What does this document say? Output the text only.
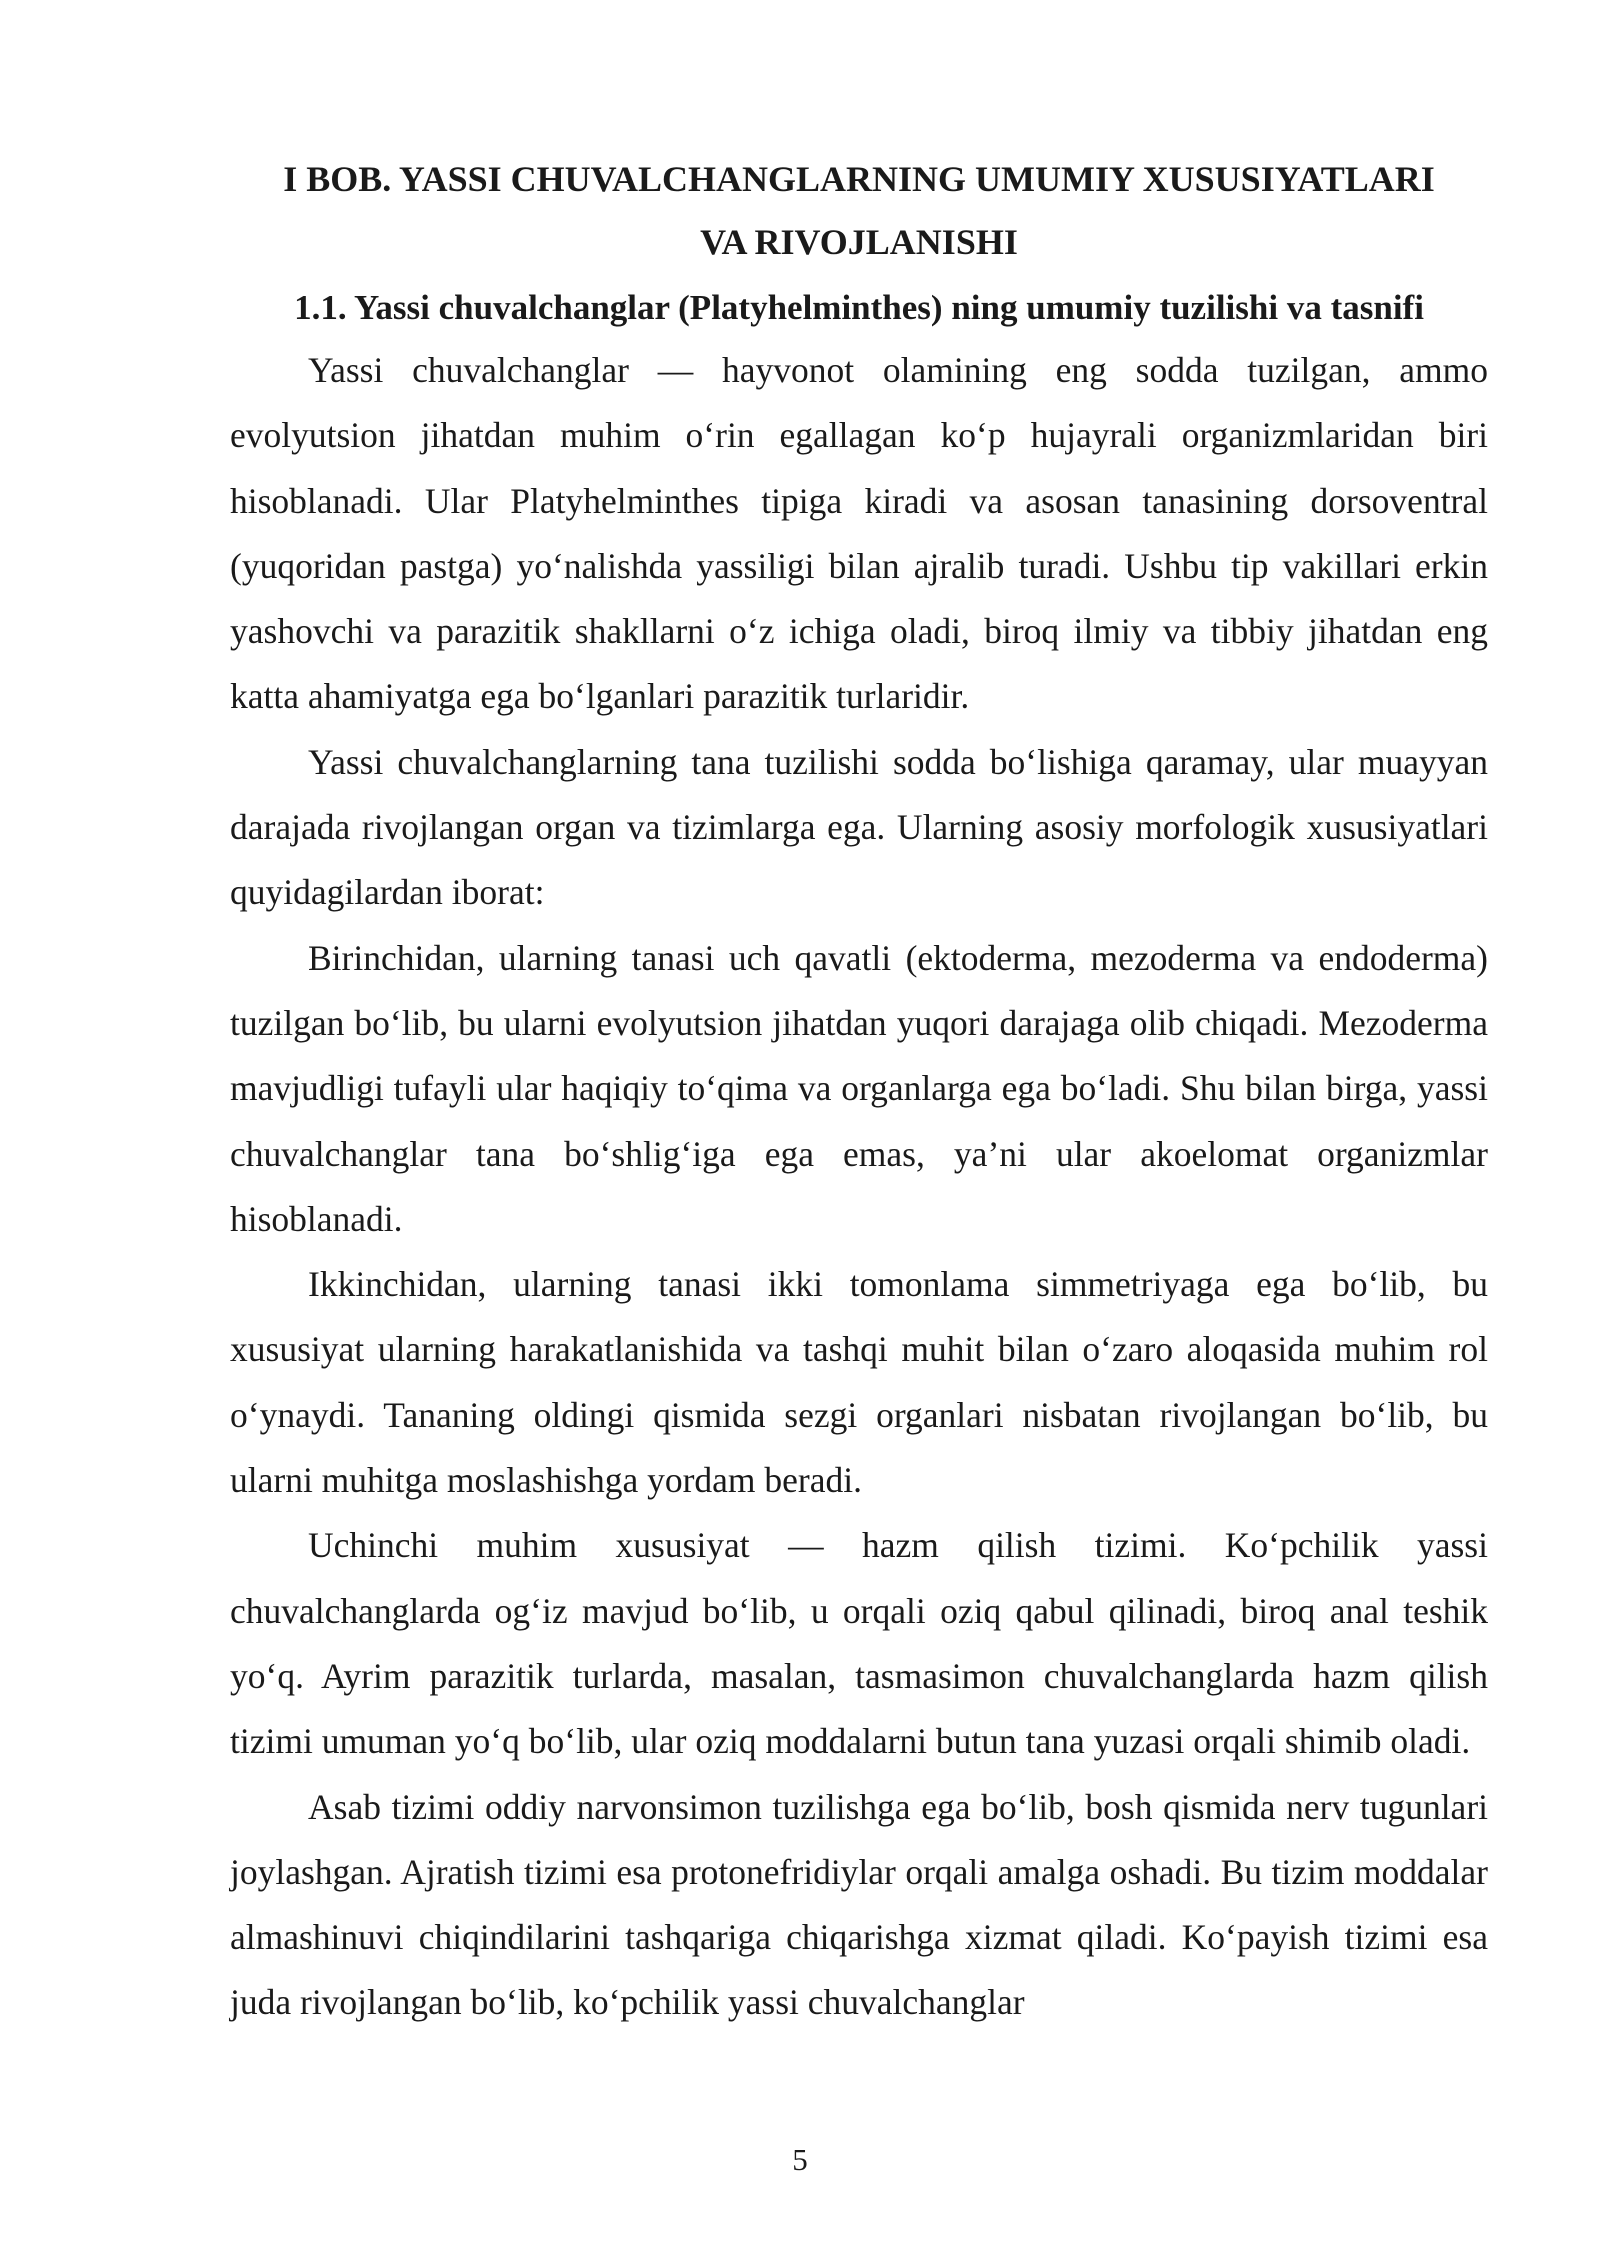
I BOB. YASSI CHUVALCHANGLARNING UMUMIY XUSUSIYATLARI
VA RIVOJLANISHI
1.1. Yassi chuvalchanglar (Platyhelminthes) ning umumiy tuzilishi va tasnifi

Yassi chuvalchanglar — hayvonot olamining eng sodda tuzilgan, ammo evolyutsion jihatdan muhim o‘rin egallagan ko‘p hujayrali organizmlaridan biri hisoblanadi. Ular Platyhelminthes tipiga kiradi va asosan tanasining dorsoventral (yuqoridan pastga) yo‘nalishda yassiligi bilan ajralib turadi. Ushbu tip vakillari erkin yashovchi va parazitik shakllarni o‘z ichiga oladi, biroq ilmiy va tibbiy jihatdan eng katta ahamiyatga ega bo‘lganlari parazitik turlaridir.

Yassi chuvalchanglarning tana tuzilishi sodda bo‘lishiga qaramay, ular muayyan darajada rivojlangan organ va tizimlarga ega. Ularning asosiy morfologik xususiyatlari quyidagilardan iborat:

Birinchidan, ularning tanasi uch qavatli (ektoderma, mezoderma va endoderma) tuzilgan bo‘lib, bu ularni evolyutsion jihatdan yuqori darajaga olib chiqadi. Mezoderma mavjudligi tufayli ular haqiqiy to‘qima va organlarga ega bo‘ladi. Shu bilan birga, yassi chuvalchanglar tana bo‘shlig‘iga ega emas, ya’ni ular akoelomat organizmlar hisoblanadi.

Ikkinchidan, ularning tanasi ikki tomonlama simmetriyaga ega bo‘lib, bu xususiyat ularning harakatlanishida va tashqi muhit bilan o‘zaro aloqasida muhim rol o‘ynaydi. Tananing oldingi qismida sezgi organlari nisbatan rivojlangan bo‘lib, bu ularni muhitga moslashishga yordam beradi.

Uchinchi muhim xususiyat — hazm qilish tizimi. Ko‘pchilik yassi chuvalchanglarda og‘iz mavjud bo‘lib, u orqali oziq qabul qilinadi, biroq anal teshik yo‘q. Ayrim parazitik turlarda, masalan, tasmasimon chuvalchanglarda hazm qilish tizimi umuman yo‘q bo‘lib, ular oziq moddalarni butun tana yuzasi orqali shimib oladi.

Asab tizimi oddiy narvonsimon tuzilishga ega bo‘lib, bosh qismida nerv tugunlari joylashgan. Ajratish tizimi esa protonefridiylar orqali amalga oshadi. Bu tizim moddalar almashinuvi chiqindilarini tashqariga chiqarishga xizmat qiladi. Ko‘payish tizimi esa juda rivojlangan bo‘lib, ko‘pchilik yassi chuvalchanglar

5
